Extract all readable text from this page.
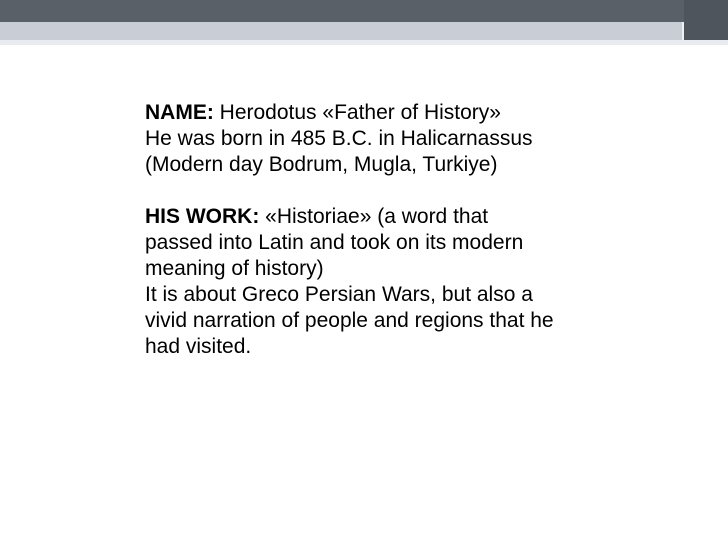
NAME: Herodotus «Father of History»

He was born in 485 B.C. in Halicarnassus (Modern day Bodrum, Mugla, Turkiye)

HIS WORK: «Historiae» (a word that passed into Latin and took on its modern meaning of history)

It is about Greco Persian Wars, but also a vivid narration of people and regions that he had visited.
